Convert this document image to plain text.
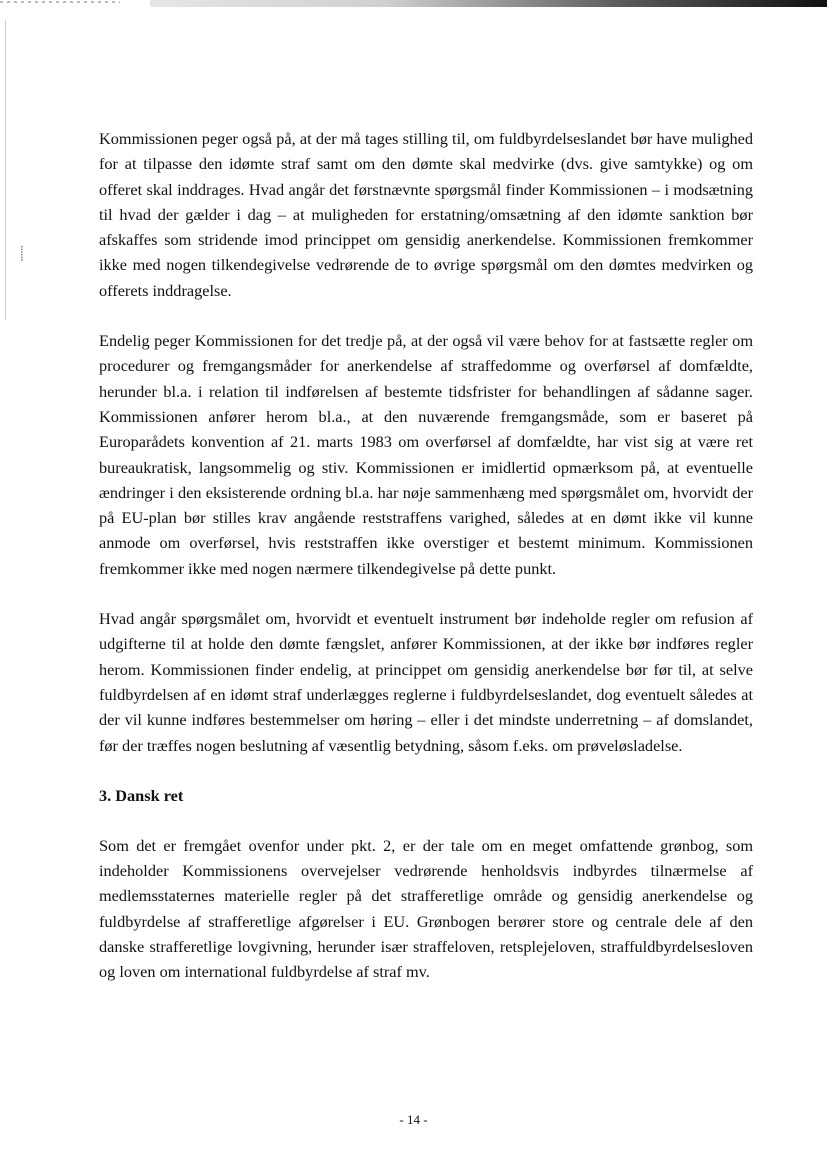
⸽

Kommissionen peger også på, at der må tages stilling til, om fuldbyrdelseslandet bør have mulighed for at tilpasse den idømte straf samt om den dømte skal medvirke (dvs. give samtykke) og om offeret skal inddrages. Hvad angår det førstnævnte spørgsmål finder Kommissionen – i modsætning til hvad der gælder i dag – at muligheden for erstatning/omsætning af den idømte sanktion bør afskaffes som stridende imod princippet om gensidig anerkendelse. Kommissionen fremkommer ikke med nogen tilkendegivelse vedrørende de to øvrige spørgsmål om den dømtes medvirken og offerets inddragelse.

Endelig peger Kommissionen for det tredje på, at der også vil være behov for at fastsætte regler om procedurer og fremgangsmåder for anerkendelse af straffedomme og overførsel af domfældte, herunder bl.a. i relation til indførelsen af bestemte tidsfrister for behandlingen af sådanne sager. Kommissionen anfører herom bl.a., at den nuværende fremgangsmåde, som er baseret på Europarådets konvention af 21. marts 1983 om overførsel af domfældte, har vist sig at være ret bureaukratisk, langsommelig og stiv. Kommissionen er imidlertid opmærksom på, at eventuelle ændringer i den eksisterende ordning bl.a. har nøje sammenhæng med spørgsmålet om, hvorvidt der på EU-plan bør stilles krav angående reststraffens varighed, således at en dømt ikke vil kunne anmode om overførsel, hvis reststraffen ikke overstiger et bestemt minimum. Kommissionen fremkommer ikke med nogen nærmere tilkendegivelse på dette punkt.

Hvad angår spørgsmålet om, hvorvidt et eventuelt instrument bør indeholde regler om refusion af udgifterne til at holde den dømte fængslet, anfører Kommissionen, at der ikke bør indføres regler herom. Kommissionen finder endelig, at princippet om gensidig anerkendelse bør før til, at selve fuldbyrdelsen af en idømt straf underlægges reglerne i fuldbyrdelseslandet, dog eventuelt således at der vil kunne indføres bestemmelser om høring – eller i det mindste underretning – af domslandet, før der træffes nogen beslutning af væsentlig betydning, såsom f.eks. om prøveløsladelse.

3. Dansk ret

Som det er fremgået ovenfor under pkt. 2, er der tale om en meget omfattende grønbog, som indeholder Kommissionens overvejelser vedrørende henholdsvis indbyrdes tilnærmelse af medlemsstaternes materielle regler på det strafferetlige område og gensidig anerkendelse og fuldbyrdelse af strafferetlige afgørelser i EU. Grønbogen berører store og centrale dele af den danske strafferetlige lovgivning, herunder især straffeloven, retsplejeloven, straffuldbyrdelsesloven og loven om international fuldbyrdelse af straf mv.

- 14 -
